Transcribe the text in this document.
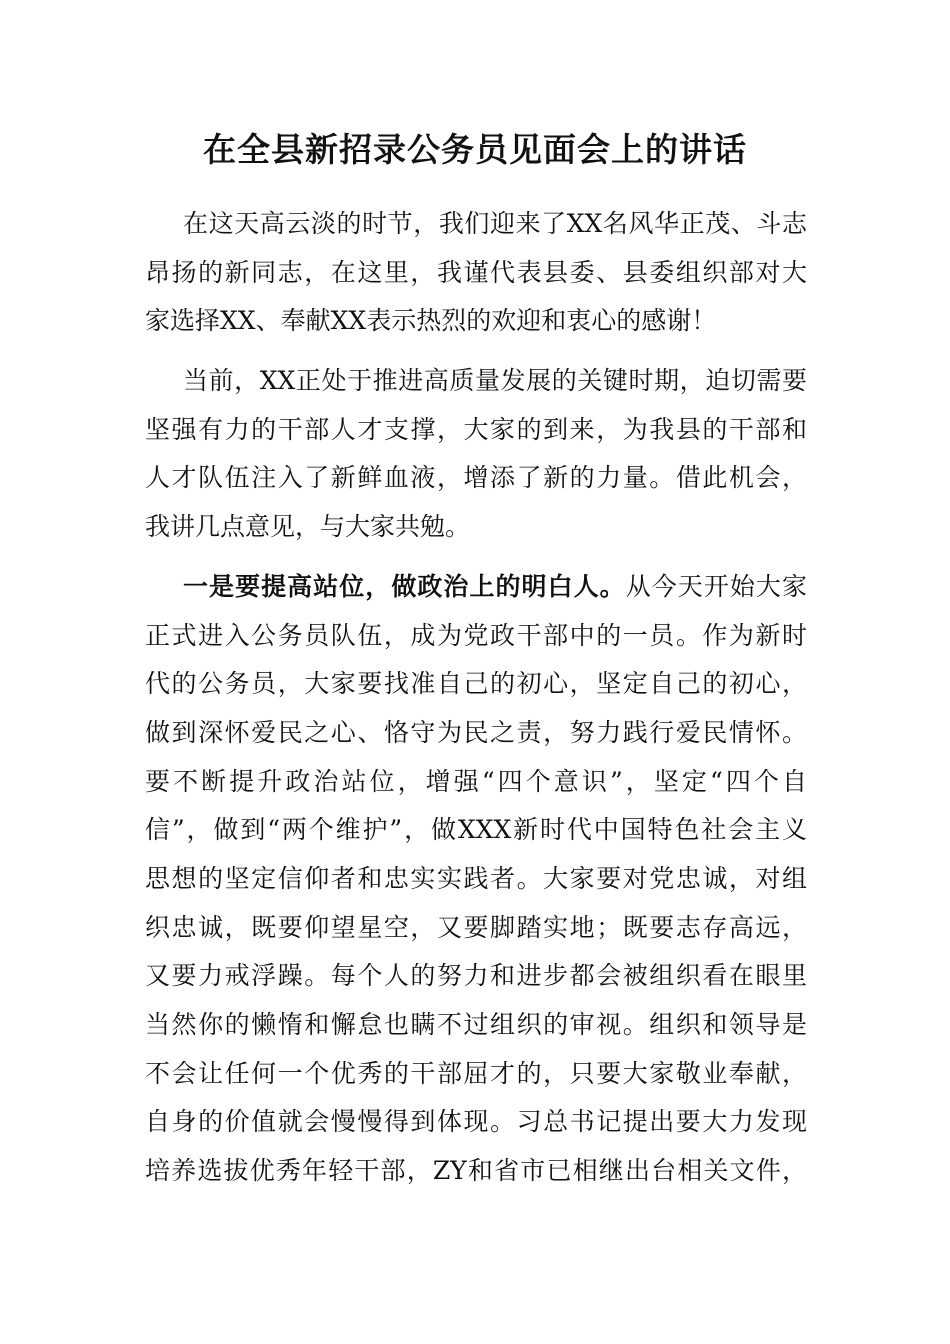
在全县新招录公务员见面会上的讲话
在这天高云淡的时节，我们迎来了XX名风华正茂、斗志
昂扬的新同志，在这里，我谨代表县委、县委组织部对大
家选择XX、奉献XX表示热烈的欢迎和衷心的感谢！
当前，XX正处于推进高质量发展的关键时期，迫切需要
坚强有力的干部人才支撑，大家的到来，为我县的干部和
人才队伍注入了新鲜血液，增添了新的力量。借此机会，
我讲几点意见，与大家共勉。
一是要提高站位，做政治上的明白人。从今天开始大家
正式进入公务员队伍，成为党政干部中的一员。作为新时
代的公务员，大家要找准自己的初心，坚定自己的初心，
做到深怀爱民之心、恪守为民之责，努力践行爱民情怀。
要不断提升政治站位，增强“四个意识”，坚定“四个自
信”，做到“两个维护”，做XXX新时代中国特色社会主义
思想的坚定信仰者和忠实实践者。大家要对党忠诚，对组
织忠诚，既要仰望星空，又要脚踏实地；既要志存高远，
又要力戒浮躁。每个人的努力和进步都会被组织看在眼里
当然你的懒惰和懈怠也瞒不过组织的审视。组织和领导是
不会让任何一个优秀的干部屈才的，只要大家敬业奉献，
自身的价值就会慢慢得到体现。习总书记提出要大力发现
培养选拔优秀年轻干部，ZY和省市已相继出台相关文件，
